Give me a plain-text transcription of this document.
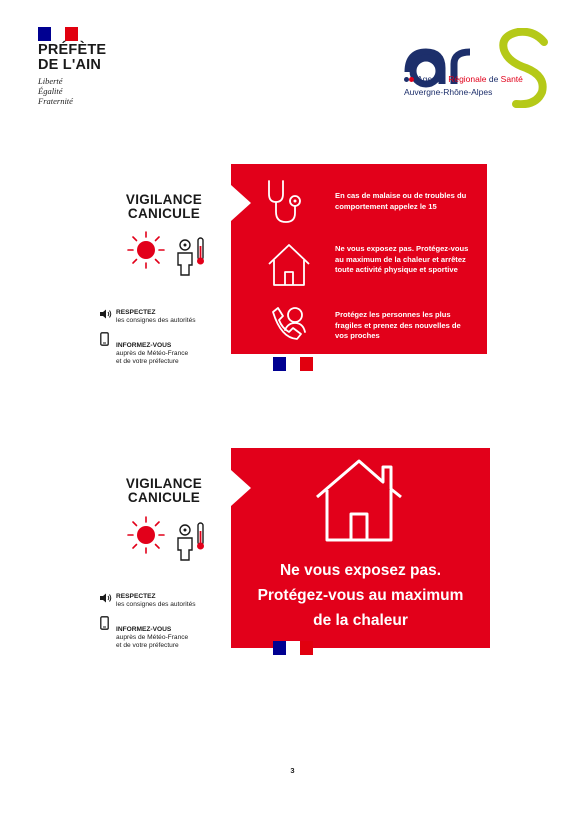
PRÉFÈTE
DE L'AIN
Liberté
Égalité
Fraternité
Agence Régionale de Santé
Auvergne-Rhône-Alpes
VIGILANCE
CANICULE
RESPECTEZ
les consignes des autorités

INFORMEZ-VOUS
auprès de Météo-France
et de votre préfecture

En cas de malaise ou de troubles du comportement appelez le 15
Ne vous exposez pas. Protégez-vous au maximum de la chaleur et arrêtez toute activité physique et sportive
Protégez les personnes les plus fragiles et prenez des nouvelles de vos proches
VIGILANCE
CANICULE
RESPECTEZ
les consignes des autorités

INFORMEZ-VOUS
auprès de Météo-France
et de votre préfecture

Ne vous exposez pas.
Protégez-vous au maximum
de la chaleur
3
